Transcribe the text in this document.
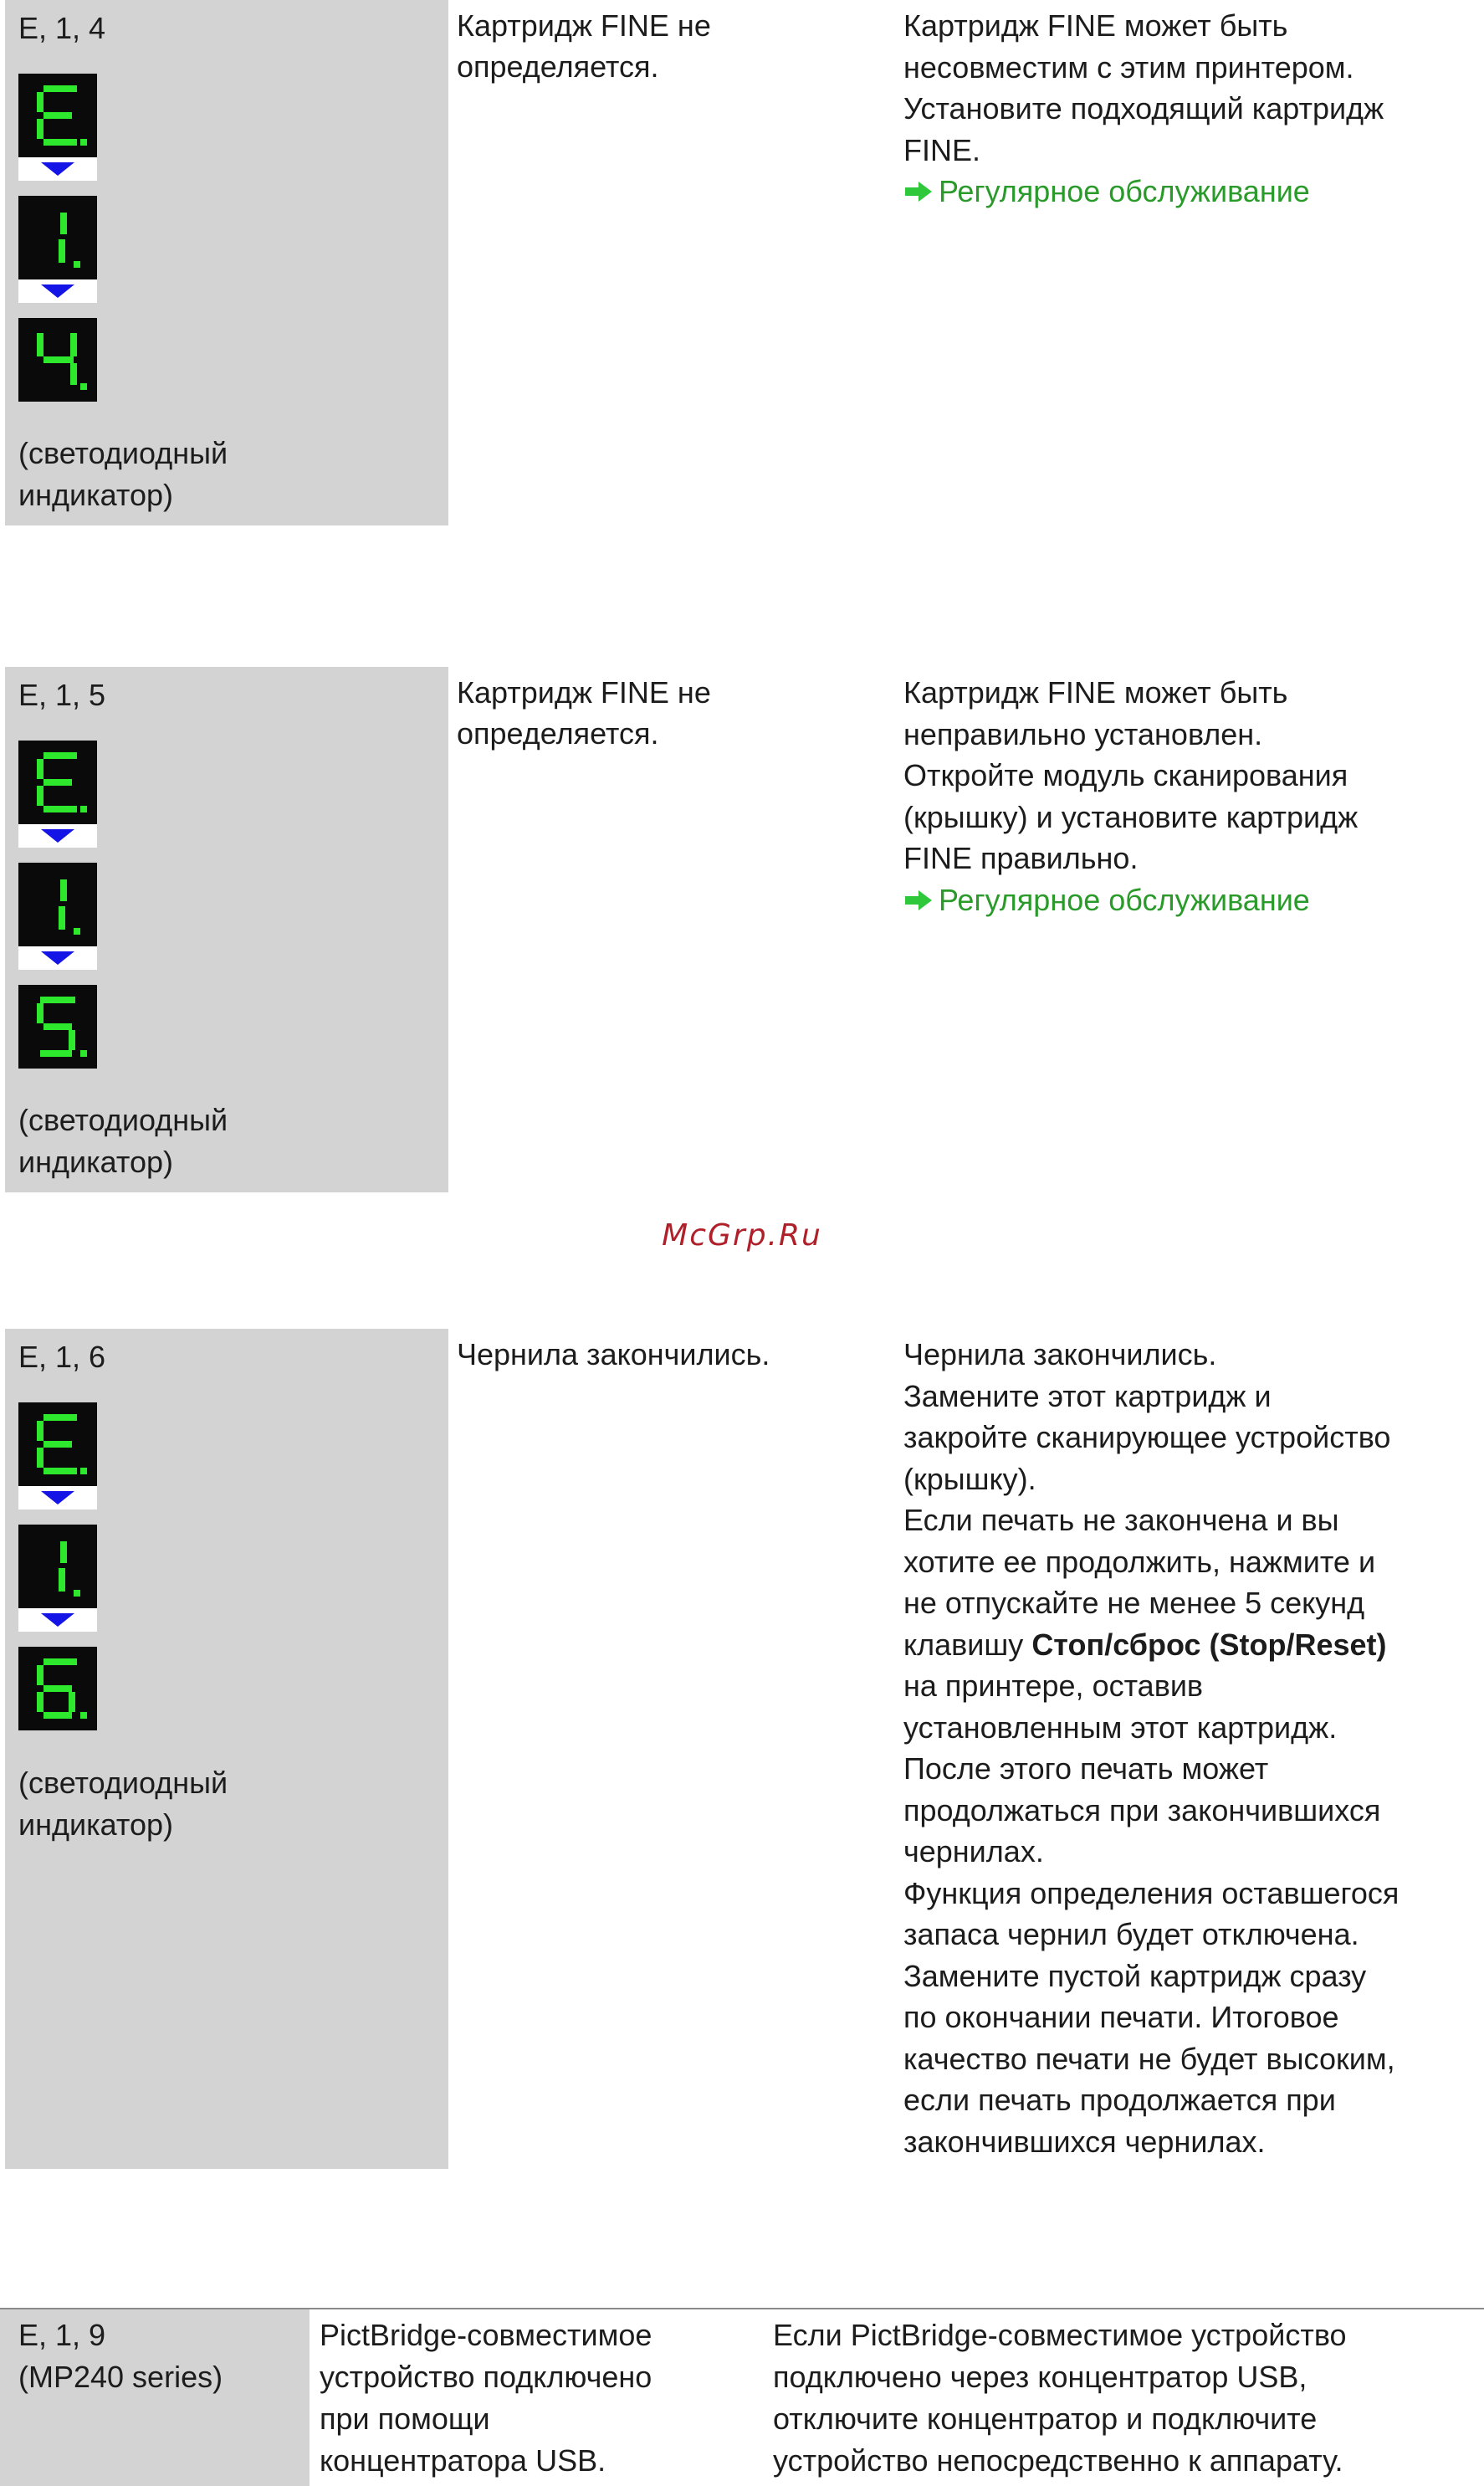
E, 1, 4
(светодиодный
индикатор)
Картридж FINE не
определяется.

Картридж FINE может быть

несовместим с этим принтером.

Установите подходящий картридж

FINE.

Регулярное обслуживание

E, 1, 5
(светодиодный
индикатор)
Картридж FINE не
определяется.

Картридж FINE может быть

неправильно установлен.

Откройте модуль сканирования

(крышку) и установите картридж

FINE правильно.

Регулярное обслуживание

McGrp.Ru
E, 1, 6
(светодиодный
индикатор)
Чернила закончились.	Чернила закончились.

Замените этот картридж и

закройте сканирующее устройство

(крышку).

Если печать не закончена и вы

хотите ее продолжить, нажмите и

не отпускайте не менее 5 секунд

клавишу Стоп/сброс (Stop/Reset)

на принтере, оставив

установленным этот картридж.

После этого печать может

продолжаться при закончившихся

чернилах.

Функция определения оставшегося

запаса чернил будет отключена.

Замените пустой картридж сразу

по окончании печати. Итоговое

качество печати не будет высоким,

если печать продолжается при

закончившихся чернилах.

E, 1, 9
(MP240 series)
PictBridge-совместимое
устройство подключено
при помощи
концентратора USB.
Если PictBridge-совместимое устройство
подключено через концентратор USB,
отключите концентратор и подключите
устройство непосредственно к аппарату.
